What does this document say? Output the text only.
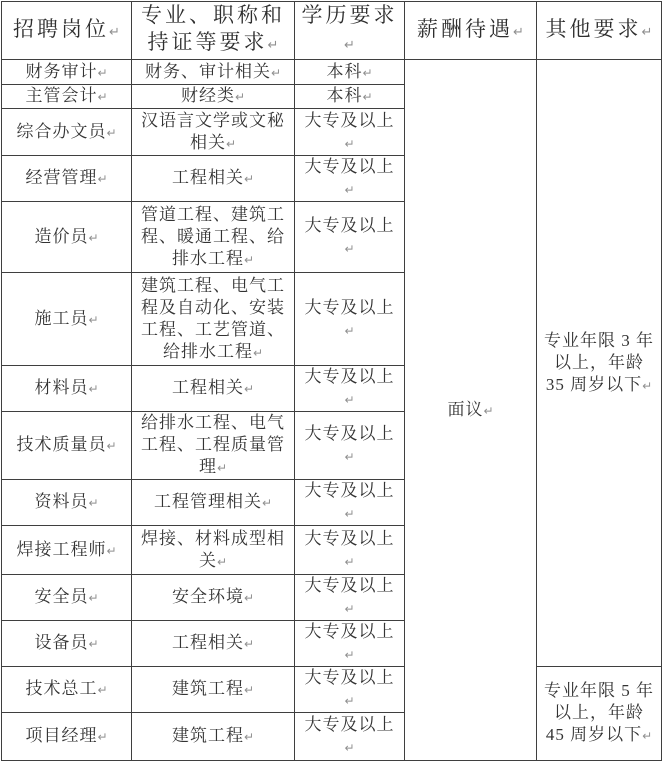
招聘岗位↵	专业、职称和持证等要求↵	学历要求↵	薪酬待遇↵	其他要求↵
财务审计↵	财务、审计相关↵	本科↵	面议↵	专业年限 3 年以上，年龄 35 周岁以下↵
主管会计↵	财经类↵	本科↵		
综合办文员↵	汉语言文学或文秘相关↵	大专及以上↵		
经营管理↵	工程相关↵	大专及以上↵		
造价员↵	管道工程、建筑工程、暖通工程、给排水工程↵	大专及以上↵		
施工员↵	建筑工程、电气工程及自动化、安装工程、工艺管道、给排水工程↵	大专及以上↵		
材料员↵	工程相关↵	大专及以上↵		
技术质量员↵	给排水工程、电气工程、工程质量管理↵	大专及以上↵		
资料员↵	工程管理相关↵	大专及以上↵		
焊接工程师↵	焊接、材料成型相关↵	大专及以上↵		
安全员↵	安全环境↵	大专及以上↵		
设备员↵	工程相关↵	大专及以上↵		
技术总工↵	建筑工程↵	大专及以上↵		专业年限 5 年以上，年龄 45 周岁以下↵
项目经理↵	建筑工程↵	大专及以上↵		
